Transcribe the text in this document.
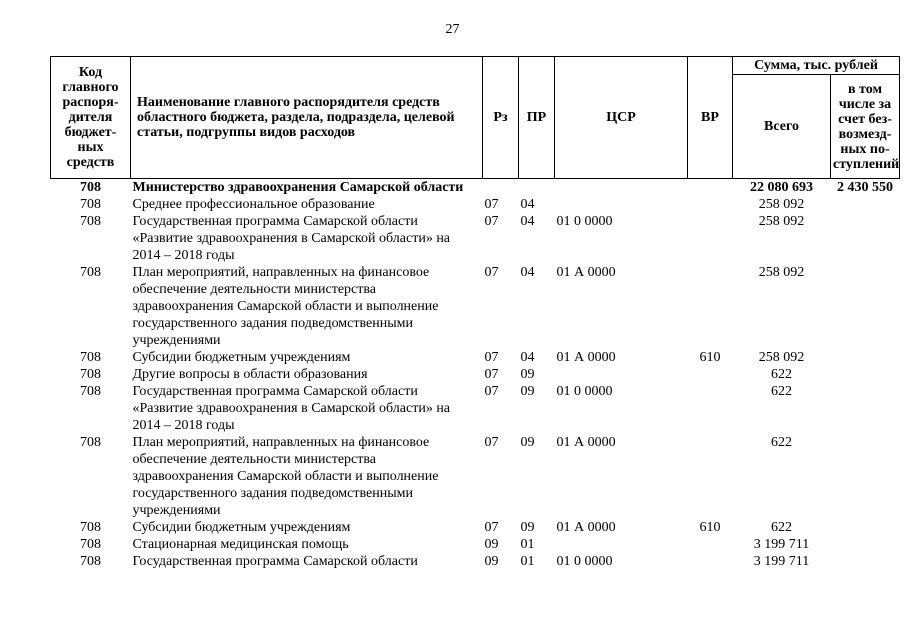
27
Код главного распоря-дителя бюджет-ных средств	Наименование главного распорядителя средств областного бюджета, раздела, подраздела, целевой статьи, подгруппы видов расходов	Рз	ПР	ЦСР	ВР	Сумма, тыс. рублей	
						Всего	в том числе за счет без-возмезд-ных по-ступлений
708	Министерство здравоохранения Самарской области					22 080 693	2 430 550
708	Среднее профессиональное образование	07	04			258 092	
708	Государственная программа Самарской области «Развитие здравоохранения в Самарской области» на 2014 – 2018 годы	07	04	01 0 0000		258 092	
708	План мероприятий, направленных на финансовое обеспечение деятельности министерства здравоохранения Самарской области и выполнение государственного задания подведомственными учреждениями	07	04	01 А 0000		258 092	
708	Субсидии бюджетным учреждениям	07	04	01 А 0000	610	258 092	
708	Другие вопросы в области образования	07	09			622	
708	Государственная программа Самарской области «Развитие здравоохранения в Самарской области» на 2014 – 2018 годы	07	09	01 0 0000		622	
708	План мероприятий, направленных на финансовое обеспечение деятельности министерства здравоохранения Самарской области и выполнение государственного задания подведомственными учреждениями	07	09	01 А 0000		622	
708	Субсидии бюджетным учреждениям	07	09	01 А 0000	610	622	
708	Стационарная медицинская помощь	09	01			3 199 711	
708	Государственная программа Самарской области	09	01	01 0 0000		3 199 711	
